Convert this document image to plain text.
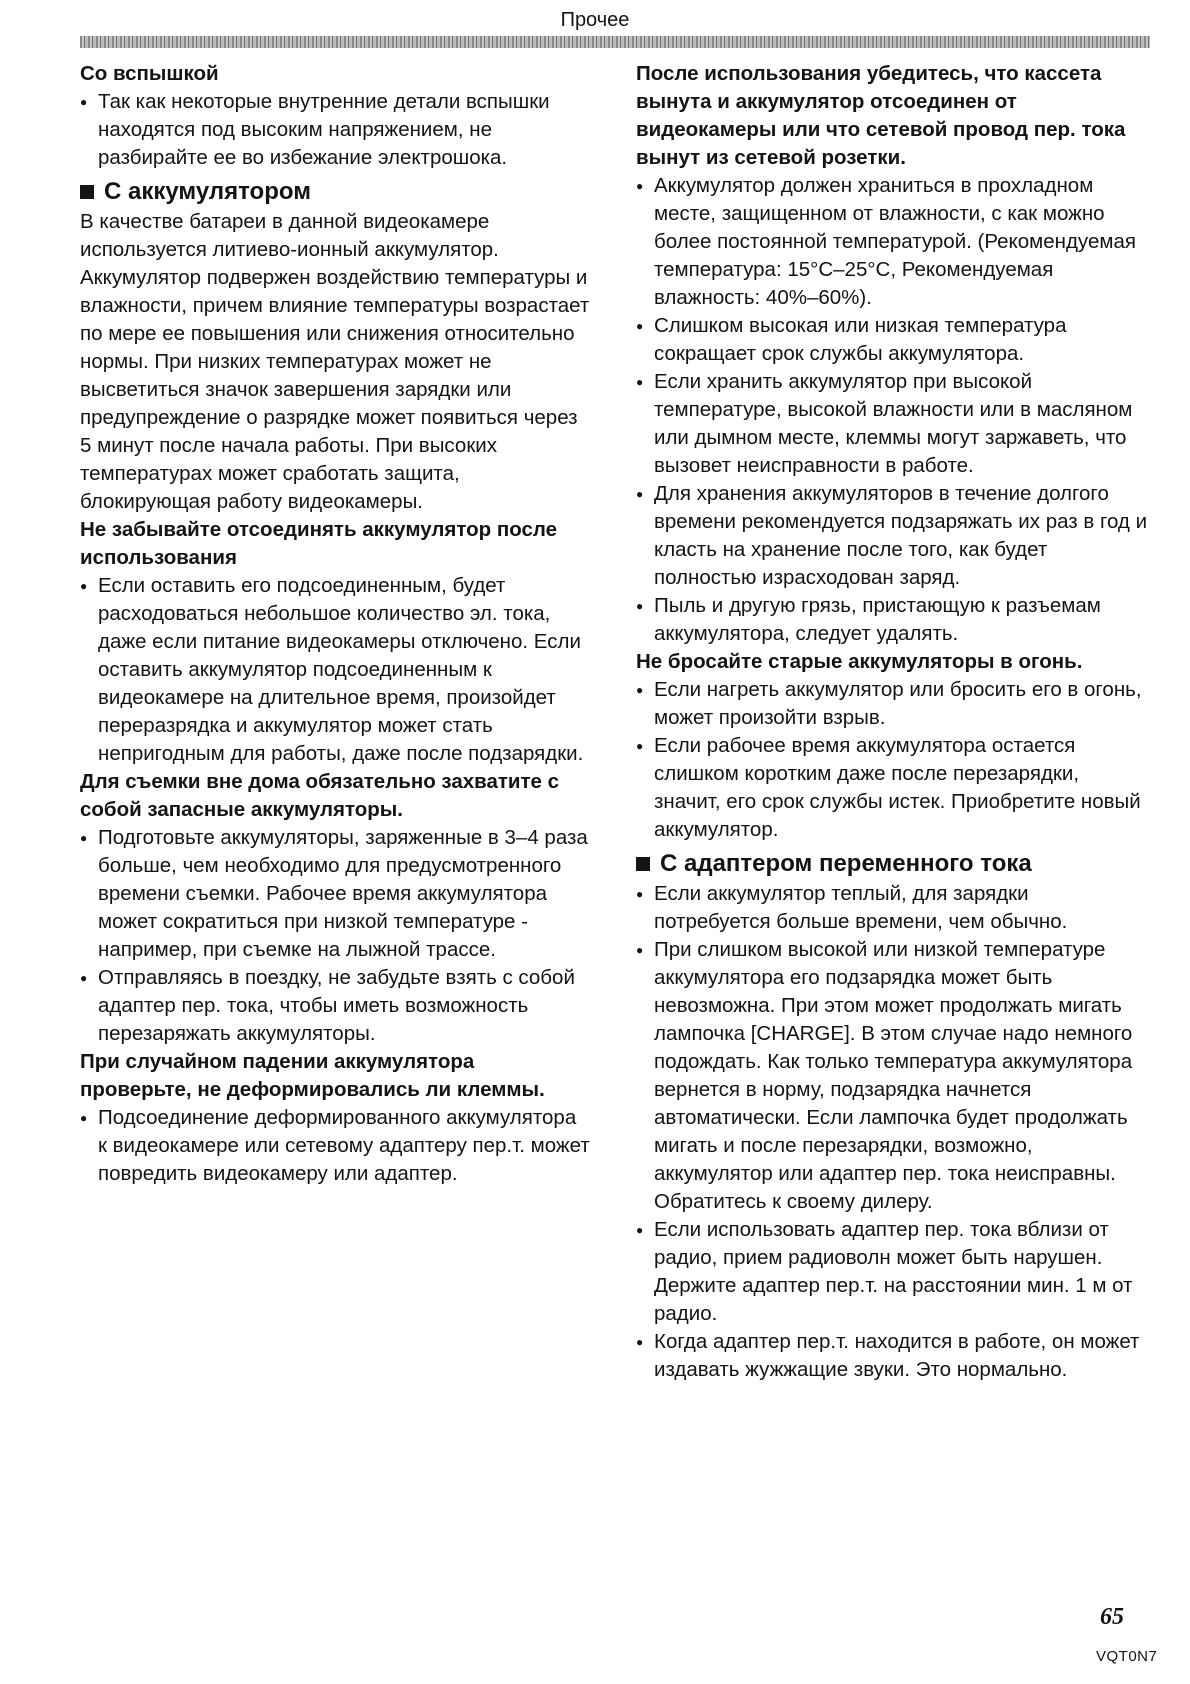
Прочее
Со вспышкой
● Так как некоторые внутренние детали вспышки находятся под высоким напряжением, не разбирайте ее во избежание электрошока.
С аккумулятором
В качестве батареи в данной видеокамере используется литиево-ионный аккумулятор. Аккумулятор подвержен воздействию температуры и влажности, причем влияние температуры возрастает по мере ее повышения или снижения относительно нормы. При низких температурах может не высветиться значок завершения зарядки или предупреждение о разрядке может появиться через 5 минут после начала работы. При высоких температурах может сработать защита, блокирующая работу видеокамеры.
Не забывайте отсоединять аккумулятор после использования
● Если оставить его подсоединенным, будет расходоваться небольшое количество эл. тока, даже если питание видеокамеры отключено. Если оставить аккумулятор подсоединенным к видеокамере на длительное время, произойдет переразрядка и аккумулятор может стать непригодным для работы, даже после подзарядки.
Для съемки вне дома обязательно захватите с собой запасные аккумуляторы.
● Подготовьте аккумуляторы, заряженные в 3–4 раза больше, чем необходимо для предусмотренного времени съемки. Рабочее время аккумулятора может сократиться при низкой температуре - например, при съемке на лыжной трассе.
● Отправляясь в поездку, не забудьте взять с собой адаптер пер. тока, чтобы иметь возможность перезаряжать аккумуляторы.
При случайном падении аккумулятора проверьте, не деформировались ли клеммы.
● Подсоединение деформированного аккумулятора к видеокамере или сетевому адаптеру пер.т. может повредить видеокамеру или адаптер.
После использования убедитесь, что кассета вынута и аккумулятор отсоединен от видеокамеры или что сетевой провод пер. тока вынут из сетевой розетки.
● Аккумулятор должен храниться в прохладном месте, защищенном от влажности, с как можно более постоянной температурой. (Рекомендуемая температура: 15°C–25°C, Рекомендуемая влажность: 40%–60%).
● Слишком высокая или низкая температура сокращает срок службы аккумулятора.
● Если хранить аккумулятор при высокой температуре, высокой влажности или в масляном или дымном месте, клеммы могут заржаветь, что вызовет неисправности в работе.
● Для хранения аккумуляторов в течение долгого времени рекомендуется подзаряжать их раз в год и класть на хранение после того, как будет полностью израсходован заряд.
● Пыль и другую грязь, пристающую к разъемам аккумулятора, следует удалять.
Не бросайте старые аккумуляторы в огонь.
● Если нагреть аккумулятор или бросить его в огонь, может произойти взрыв.
● Если рабочее время аккумулятора остается слишком коротким даже после перезарядки, значит, его срок службы истек. Приобретите новый аккумулятор.
С адаптером переменного тока
● Если аккумулятор теплый, для зарядки потребуется больше времени, чем обычно.
● При слишком высокой или низкой температуре аккумулятора его подзарядка может быть невозможна. При этом может продолжать мигать лампочка [CHARGE]. В этом случае надо немного подождать. Как только температура аккумулятора вернется в норму, подзарядка начнется автоматически. Если лампочка будет продолжать мигать и после перезарядки, возможно, аккумулятор или адаптер пер. тока неисправны. Обратитесь к своему дилеру.
● Если использовать адаптер пер. тока вблизи от радио, прием радиоволн может быть нарушен. Держите адаптер пер.т. на расстоянии мин. 1 м от радио.
● Когда адаптер пер.т. находится в работе, он может издавать жужжащие звуки. Это нормально.
65
VQT0N7
